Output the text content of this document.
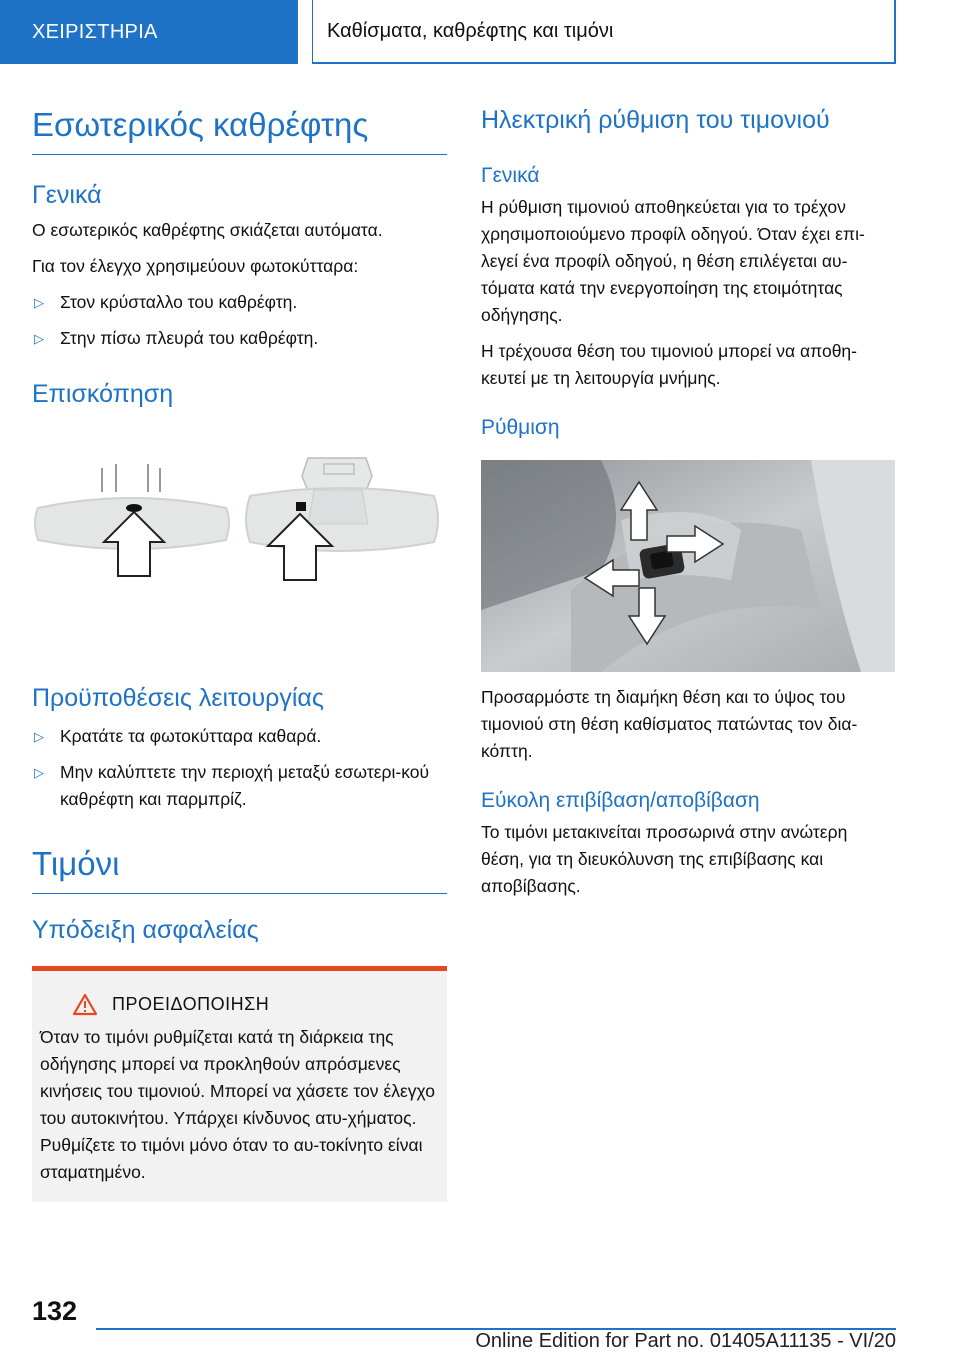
ΧΕΙΡΙΣΤΗΡΙΑ	Καθίσματα, καθρέφτης και τιμόνι
Εσωτερικός καθρέφτης
Γενικά

Ο εσωτερικός καθρέφτης σκιάζεται αυτόματα.

Για τον έλεγχο χρησιμεύουν φωτοκύτταρα:

▷ Στον κρύσταλλο του καθρέφτη.
▷ Στην πίσω πλευρά του καθρέφτη.
Επισκόπηση
Προϋποθέσεις λειτουργίας
▷ Κρατάτε τα φωτοκύτταρα καθαρά.
▷ Μην καλύπτετε την περιοχή μεταξύ εσωτερι-κού καθρέφτη και παρμπρίζ.
Τιμόνι
Υπόδειξη ασφαλείας
ΠΡΟΕΙΔΟΠΟΙΗΣΗ

Όταν το τιμόνι ρυθμίζεται κατά τη διάρκεια της οδήγησης μπορεί να προκληθούν απρόσμενες κινήσεις του τιμονιού. Μπορεί να χάσετε τον έλεγχο του αυτοκινήτου. Υπάρχει κίνδυνος ατυ-χήματος. Ρυθμίζετε το τιμόνι μόνο όταν το αυ-τοκίνητο είναι σταματημένο.

Ηλεκτρική ρύθμιση του τιμονιού
Γενικά

Η ρύθμιση τιμονιού αποθηκεύεται για το τρέχον χρησιμοποιούμενο προφίλ οδηγού. Όταν έχει επι-λεγεί ένα προφίλ οδηγού, η θέση επιλέγεται αυ-τόματα κατά την ενεργοποίηση της ετοιμότητας οδήγησης.

Η τρέχουσα θέση του τιμονιού μπορεί να αποθη-κευτεί με τη λειτουργία μνήμης.

Ρύθμιση

Προσαρμόστε τη διαμήκη θέση και το ύψος του τιμονιού στη θέση καθίσματος πατώντας τον δια-κόπτη.

Εύκολη επιβίβαση/αποβίβαση

Το τιμόνι μετακινείται προσωρινά στην ανώτερη θέση, για τη διευκόλυνση της επιβίβασης και αποβίβασης.

132
Online Edition for Part no. 01405A11135 - VI/20
